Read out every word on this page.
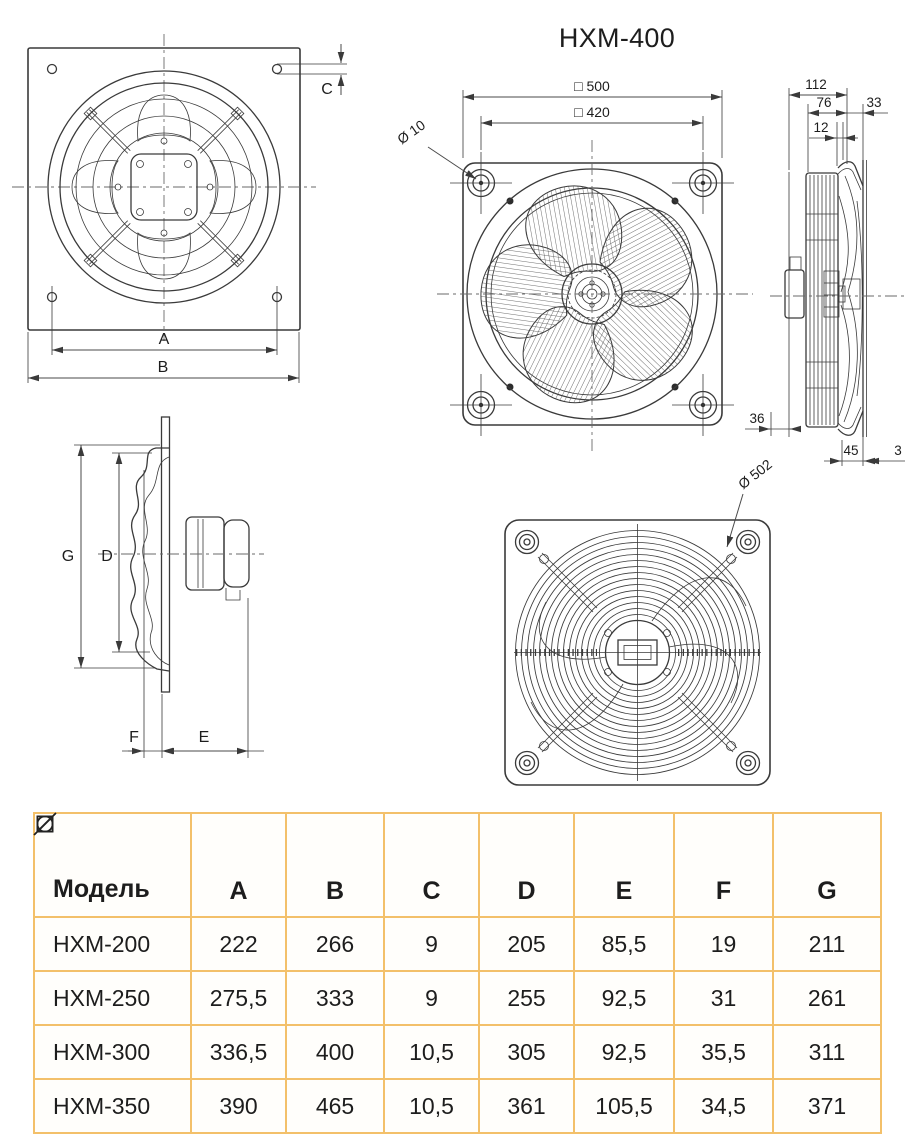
C
A
B
HXM-400
□ 500
□ 420
Ø 10
112
76	33
12
36
45	3
G D
F	E
Ø 502
Модель	A	B	C	D	E	F	G

HXM-200	222	266	9	205	85,5	19	211
HXM-250	275,5	333	9	255	92,5	31	261
HXM-300	336,5	400	10,5	305	92,5	35,5	311
HXM-350	390	465	10,5	361	105,5	34,5	371
